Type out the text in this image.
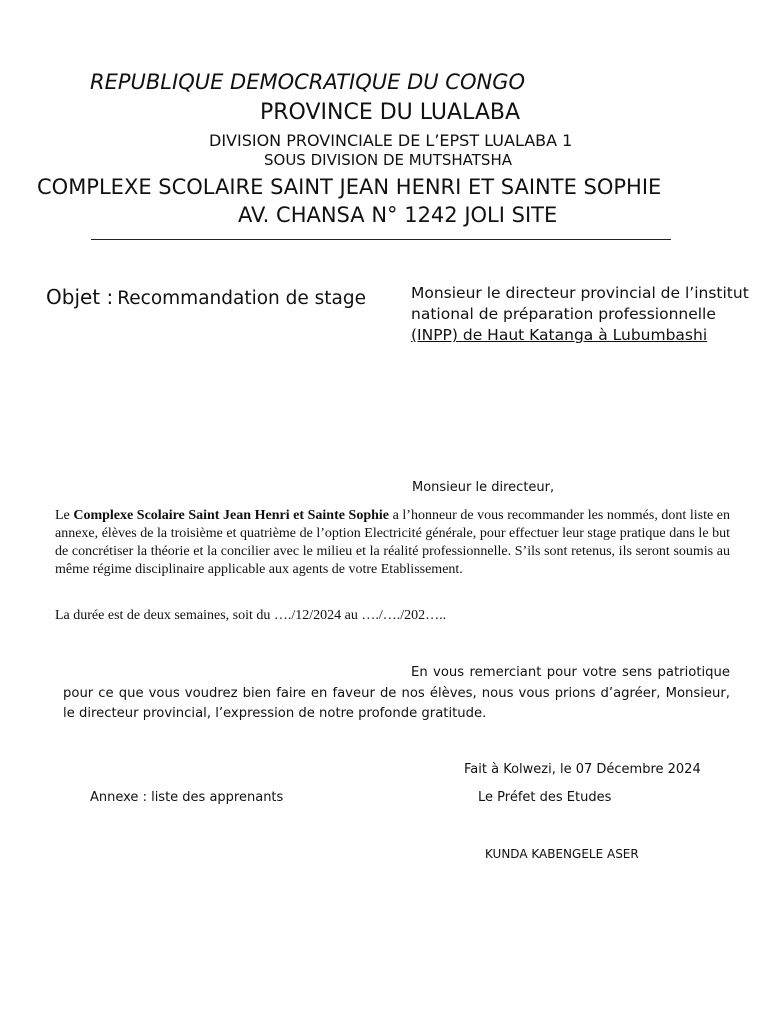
REPUBLIQUE DEMOCRATIQUE DU CONGO
PROVINCE DU LUALABA
DIVISION PROVINCIALE DE L’EPST LUALABA 1
SOUS DIVISION DE MUTSHATSHA
COMPLEXE SCOLAIRE SAINT JEAN HENRI ET SAINTE SOPHIE
AV. CHANSA N° 1242 JOLI SITE
Objet : Recommandation de stage	Monsieur le directeur provincial de l’institut
national de préparation professionnelle
(INPP) de Haut Katanga à Lubumbashi
Monsieur le directeur,
Le Complexe Scolaire Saint Jean Henri et Sainte Sophie a l’honneur de vous recommander les nommés, dont liste en annexe, élèves de la troisième et quatrième de l’option Electricité générale, pour effectuer leur stage pratique dans le but de concrétiser la théorie et la concilier avec le milieu et la réalité professionnelle. S’ils sont retenus, ils seront soumis au même régime disciplinaire applicable aux agents de votre Etablissement.
La durée est de deux semaines, soit du …./12/2024 au …./…./202…..
En vous remerciant pour votre sens patriotique pour ce que vous voudrez bien faire en faveur de nos élèves, nous vous prions d’agréer, Monsieur, le directeur provincial, l’expression de notre profonde gratitude.
Fait à Kolwezi, le 07 Décembre 2024
Annexe : liste des apprenants	Le Préfet des Etudes
KUNDA KABENGELE ASER
